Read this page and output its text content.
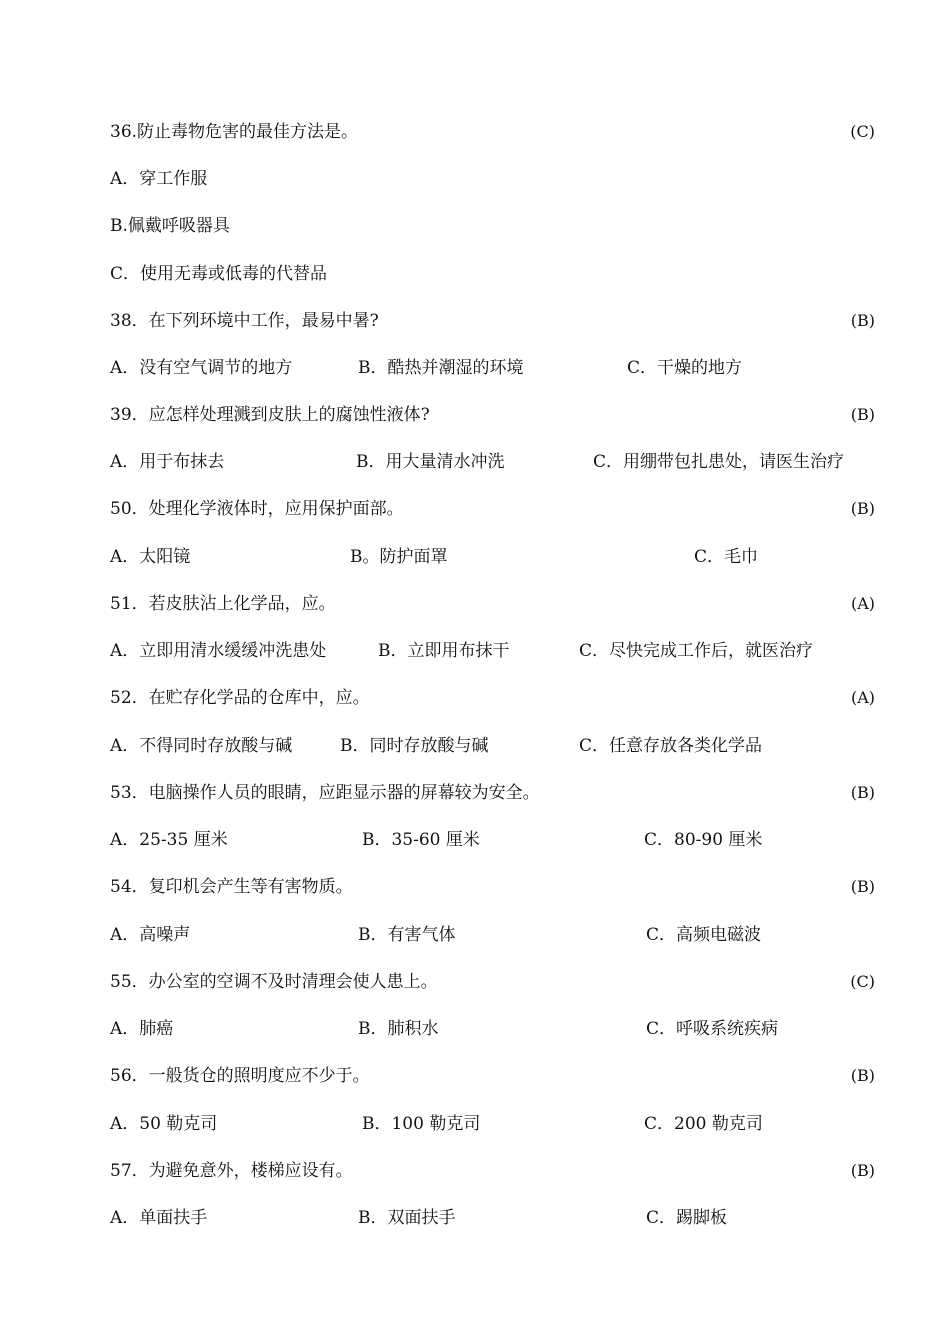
36.防止毒物危害的最佳方法是。	(C)
A．穿工作服
B.佩戴呼吸器具
C．使用无毒或低毒的代替品
38．在下列环境中工作，最易中暑?	(B)
A．没有空气调节的地方	B．酷热并潮湿的环境	C．干燥的地方
39．应怎样处理溅到皮肤上的腐蚀性液体?	(B)
A．用于布抹去	B．用大量清水冲洗	C．用绷带包扎患处，请医生治疗
50．处理化学液体时，应用保护面部。	(B)
A．太阳镜	B。防护面罩	C．毛巾
51．若皮肤沾上化学品，应。	(A)
A．立即用清水缓缓冲洗患处	B．立即用布抹干	C．尽快完成工作后，就医治疗
52．在贮存化学品的仓库中，应。	(A)
A．不得同时存放酸与碱	B．同时存放酸与碱	C．任意存放各类化学品
53．电脑操作人员的眼睛，应距显示器的屏幕较为安全。	(B)
A．25-35 厘米	B．35-60 厘米	C．80-90 厘米
54．复印机会产生等有害物质。	(B)
A．高噪声	B．有害气体	C．高频电磁波
55．办公室的空调不及时清理会使人患上。	(C)
A．肺癌	B．肺积水	C．呼吸系统疾病
56．一般货仓的照明度应不少于。	(B)
A．50 勒克司	B．100 勒克司	C．200 勒克司
57．为避免意外，楼梯应设有。	(B)
A．单面扶手	B．双面扶手	C．踢脚板
